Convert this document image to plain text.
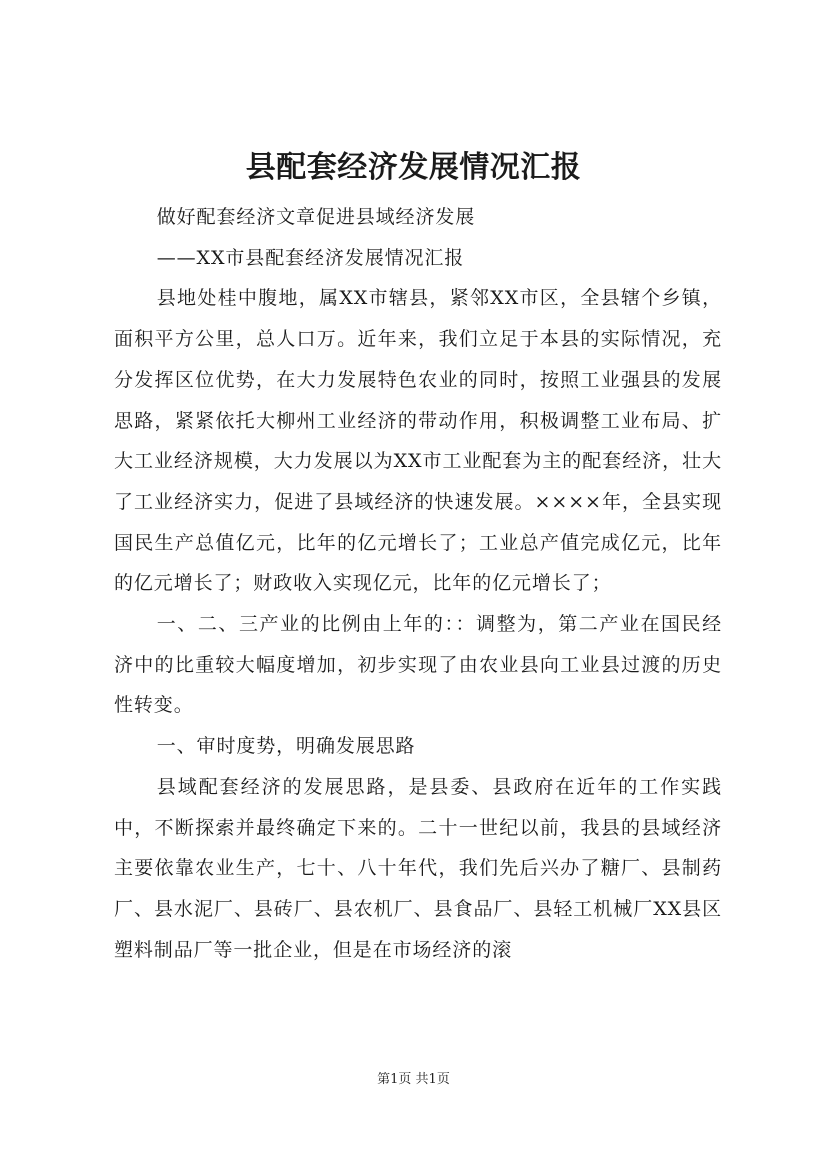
县配套经济发展情况汇报

做好配套经济文章促进县域经济发展

——XX市县配套经济发展情况汇报

县地处桂中腹地，属XX市辖县，紧邻XX市区，全县辖个乡镇，面积平方公里，总人口万。近年来，我们立足于本县的实际情况，充分发挥区位优势，在大力发展特色农业的同时，按照工业强县的发展思路，紧紧依托大柳州工业经济的带动作用，积极调整工业布局、扩大工业经济规模，大力发展以为XX市工业配套为主的配套经济，壮大了工业经济实力，促进了县域经济的快速发展。××××年，全县实现国民生产总值亿元，比年的亿元增长了；工业总产值完成亿元，比年的亿元增长了；财政收入实现亿元，比年的亿元增长了；

一、二、三产业的比例由上年的：：调整为，第二产业在国民经济中的比重较大幅度增加，初步实现了由农业县向工业县过渡的历史性转变。

一、审时度势，明确发展思路

县域配套经济的发展思路，是县委、县政府在近年的工作实践中，不断探索并最终确定下来的。二十一世纪以前，我县的县域经济主要依靠农业生产，七十、八十年代，我们先后兴办了糖厂、县制药厂、县水泥厂、县砖厂、县农机厂、县食品厂、县轻工机械厂XX县区塑料制品厂等一批企业，但是在市场经济的滚

第1页 共1页
